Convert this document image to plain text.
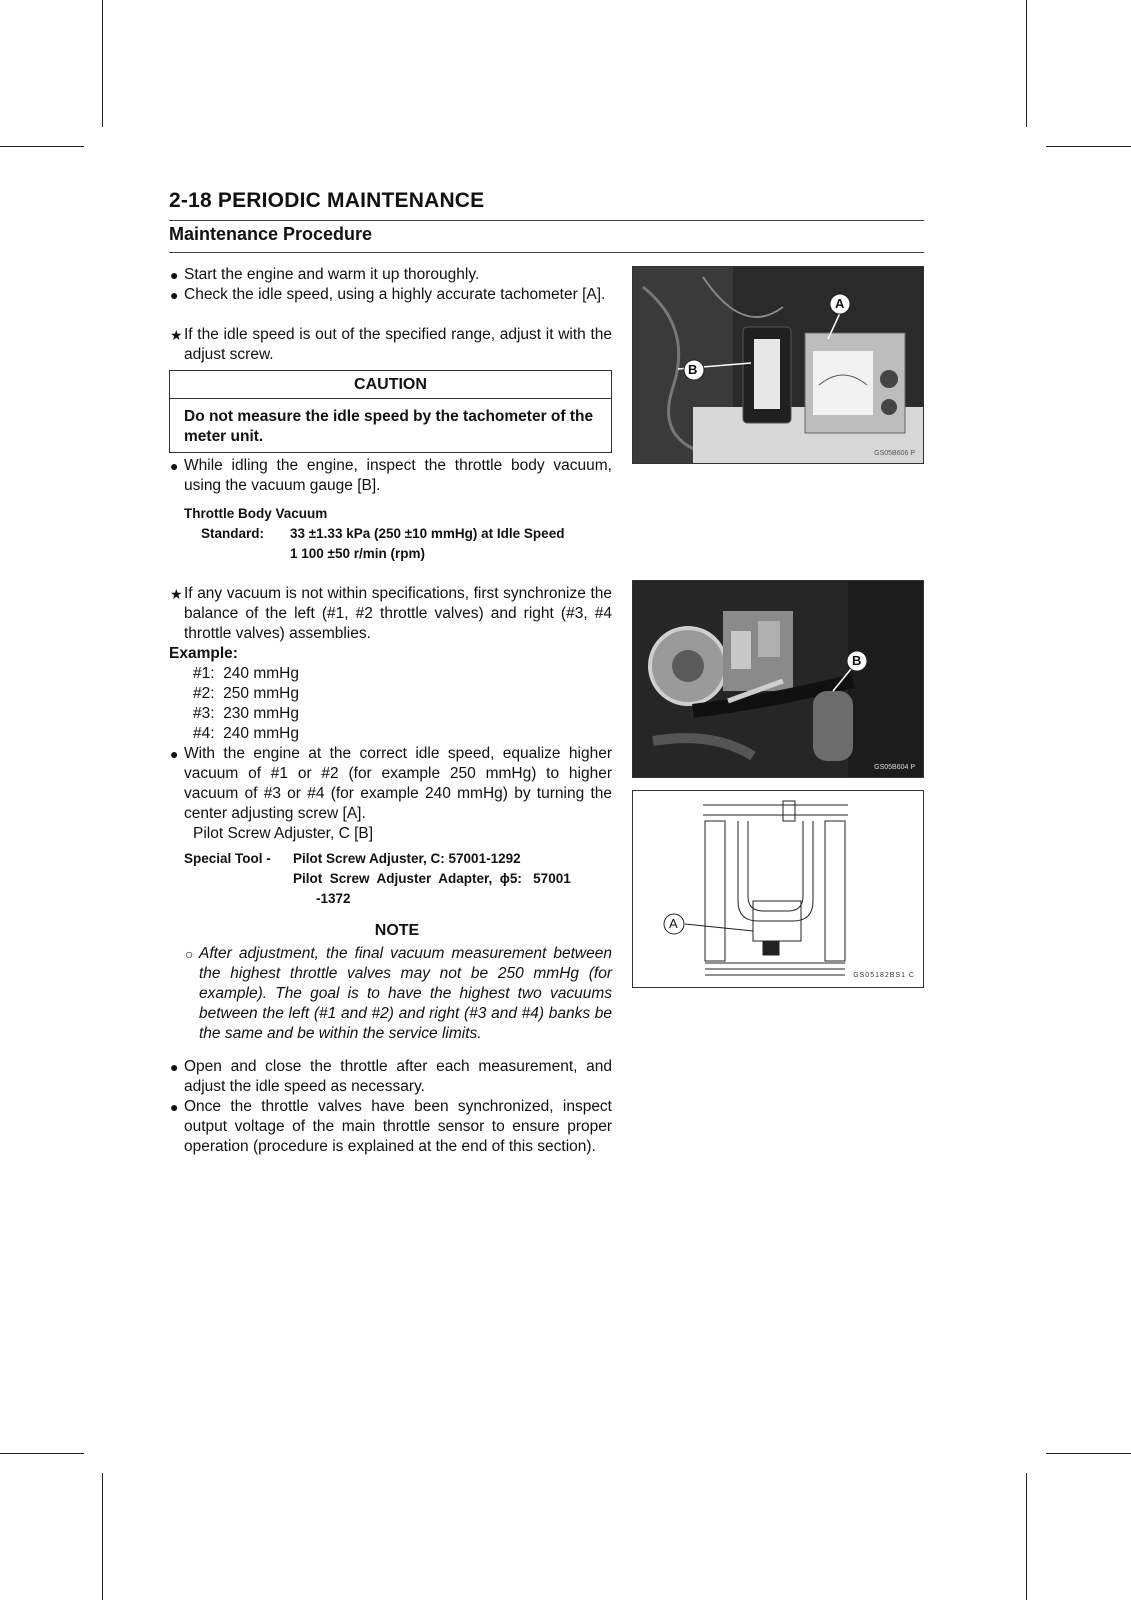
2-18 PERIODIC MAINTENANCE
Maintenance Procedure
● Start the engine and warm it up thoroughly.
● Check the idle speed, using a highly accurate tachometer [A].
★ If the idle speed is out of the specified range, adjust it with the adjust screw.
CAUTION
Do not measure the idle speed by the tachometer of the meter unit.
● While idling the engine, inspect the throttle body vacuum, using the vacuum gauge [B].
Throttle Body Vacuum
Standard: 33 ±1.33 kPa (250 ±10 mmHg) at Idle Speed
1 100 ±50 r/min (rpm)
★ If any vacuum is not within specifications, first synchronize the balance of the left (#1, #2 throttle valves) and right (#3, #4 throttle valves) assemblies.
Example:
#1:  240 mmHg
#2:  250 mmHg
#3:  230 mmHg
#4:  240 mmHg
● With the engine at the correct idle speed, equalize higher vacuum of #1 or #2 (for example 250 mmHg) to higher vacuum of #3 or #4 (for example 240 mmHg) by turning the center adjusting screw [A].
Pilot Screw Adjuster, C [B]
Special Tool - Pilot Screw Adjuster, C: 57001-1292
Pilot  Screw  Adjuster  Adapter,  ϕ5:   57001
-1372
NOTE
○ After adjustment, the final vacuum measurement between the highest throttle valves may not be 250 mmHg (for example). The goal is to have the highest two vacuums between the left (#1 and #2) and right (#3 and #4) banks be the same and be within the service limits.
● Open and close the throttle after each measurement, and adjust the idle speed as necessary.
● Once the throttle valves have been synchronized, inspect output voltage of the main throttle sensor to ensure proper operation (procedure is explained at the end of this section).
B
A
GS05B606 P
B
GS05B604 P
A
GS05182BS1 C
